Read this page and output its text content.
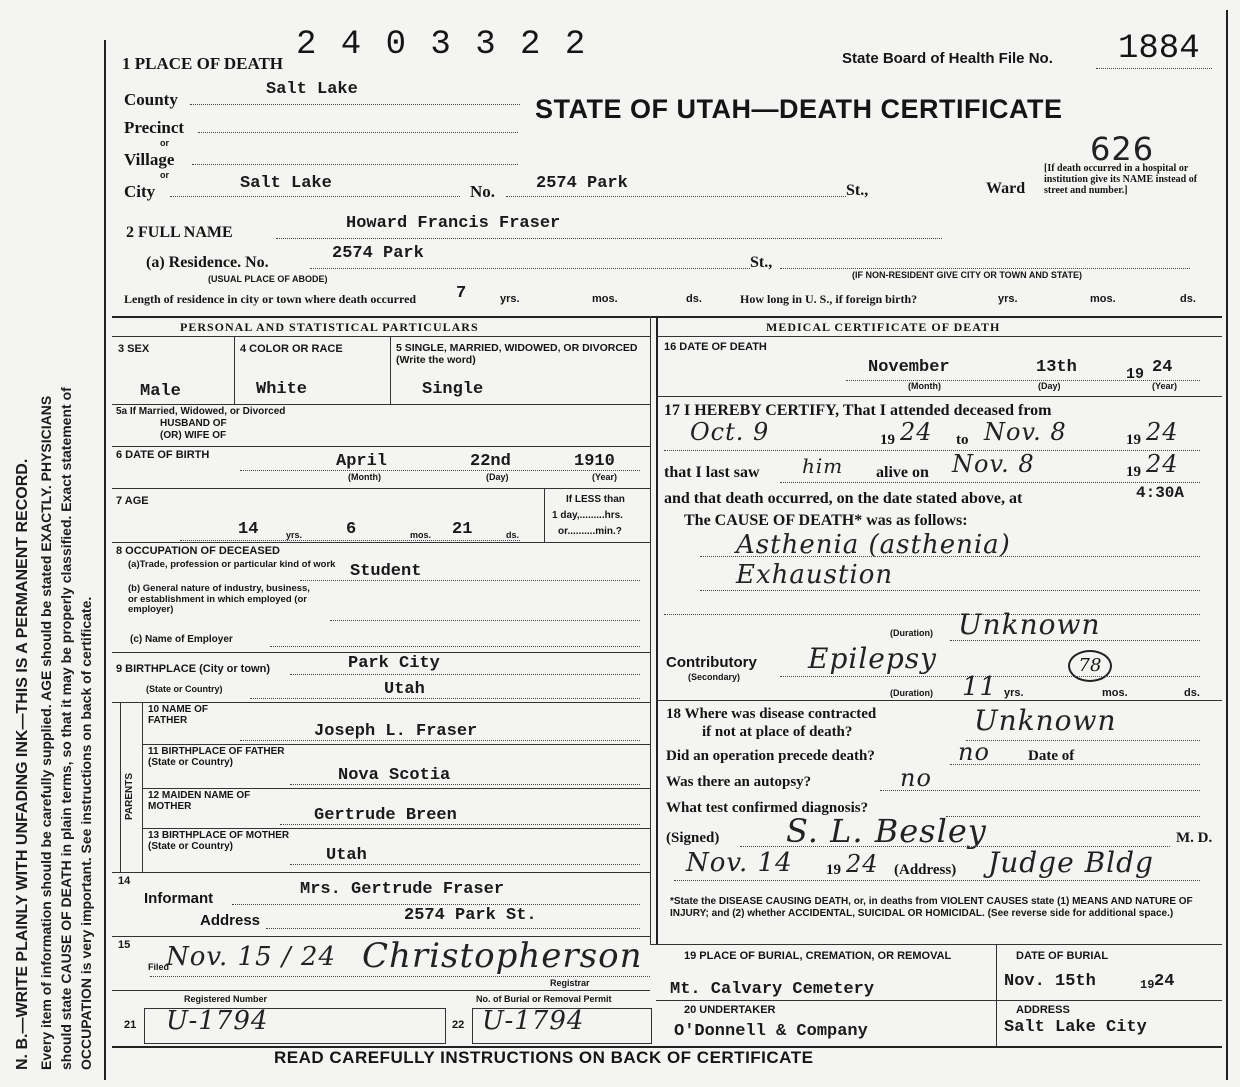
N. B.—WRITE PLAINLY WITH UNFADING INK—THIS IS A PERMANENT RECORD. Every item of information should be carefully supplied. AGE should be stated EXACTLY. PHYSICIANS should state CAUSE OF DEATH in plain terms, so that it may be properly classified. Exact statement of OCCUPATION is very important. See instructions on back of certificate.
1 PLACE OF DEATH 2 4 0 3 3 2 2	State Board of Health File No. 1884
STATE OF UTAH—DEATH CERTIFICATE
County
Salt Lake
Precinct
or
Village
or
City	Salt Lake	No. 2574 Park	St.,	Ward
626
[If death occurred in a hospital or institution give its NAME instead of street and number.]
2 FULL NAME	Howard Francis Fraser
(a) Residence. No.
(USUAL PLACE OF ABODE)
2574 Park	St.,
(IF NON-RESIDENT GIVE CITY OR TOWN AND STATE)
Length of residence in city or town where death occurred 7	yrs.	mos.	ds.	How long in U. S., if foreign birth?	yrs.	mos.	ds.
PERSONAL AND STATISTICAL PARTICULARS
3 SEX
Male
4 COLOR OR RACE
White
5 SINGLE, MARRIED, WIDOWED, OR DIVORCED (Write the word)
Single
5a If Married, Widowed, or Divorced
HUSBAND OF
(OR) WIFE OF
6 DATE OF BIRTH	April	22nd	1910
(Month)	(Day)	(Year)
7 AGE
14	yrs.	6	mos. 21	ds.
If LESS than
1 day,.........hrs.
or..........min.?
8 OCCUPATION OF DECEASED
(a)Trade, profession or particular kind of work
(b) General nature of industry, business, or establishment in which employed (or employer)
Student
(c) Name of Employer
9 BIRTHPLACE (City or town)	Park City
(State or Country)	Utah
PARENTS
10 NAME OF FATHER
Joseph L. Fraser
11 BIRTHPLACE OF FATHER (State or Country)
Nova Scotia
12 MAIDEN NAME OF MOTHER	Gertrude Breen
13 BIRTHPLACE OF MOTHER (State or Country)	Utah
14
Informant	Mrs. Gertrude Fraser
Address	2574 Park St.
15
Filed
Nov. 15 / 24 Christopherson
Registrar
Registered Number	No. of Burial or Removal Permit
21 U-1794	22 U-1794
MEDICAL CERTIFICATE OF DEATH
16 DATE OF DEATH
November	13th	19 24
(Month)	(Day)	(Year)
17 I HEREBY CERTIFY, That I attended deceased from
Oct. 9	19 24 to Nov. 8	19 24
that I last saw him alive on Nov. 8	19 24
and that death occurred, on the date stated above, at	4:30A
The CAUSE OF DEATH* was as follows:
Asthenia (asthenia)
Exhaustion
(Duration) Unknown
Contributory
(Secondary)
Epilepsy	78
(Duration) 11 yrs.	mos.	ds.
18 Where was disease contracted
if not at place of death?	Unknown
Did an operation precede death?	no	Date of
Was there an autopsy?	no
What test confirmed diagnosis?
(Signed) S. L. Besley	M. D.
Nov. 14 19 24 (Address) Judge Bldg
*State the DISEASE CAUSING DEATH, or, in deaths from VIOLENT CAUSES state (1) MEANS AND NATURE OF INJURY; and (2) whether ACCIDENTAL, SUICIDAL OR HOMICIDAL. (See reverse side for additional space.)
19 PLACE OF BURIAL, CREMATION, OR REMOVAL
Mt. Calvary Cemetery
DATE OF BURIAL
Nov. 15th	19 24
20 UNDERTAKER
O'Donnell & Company
ADDRESS
Salt Lake City
READ CAREFULLY INSTRUCTIONS ON BACK OF CERTIFICATE
